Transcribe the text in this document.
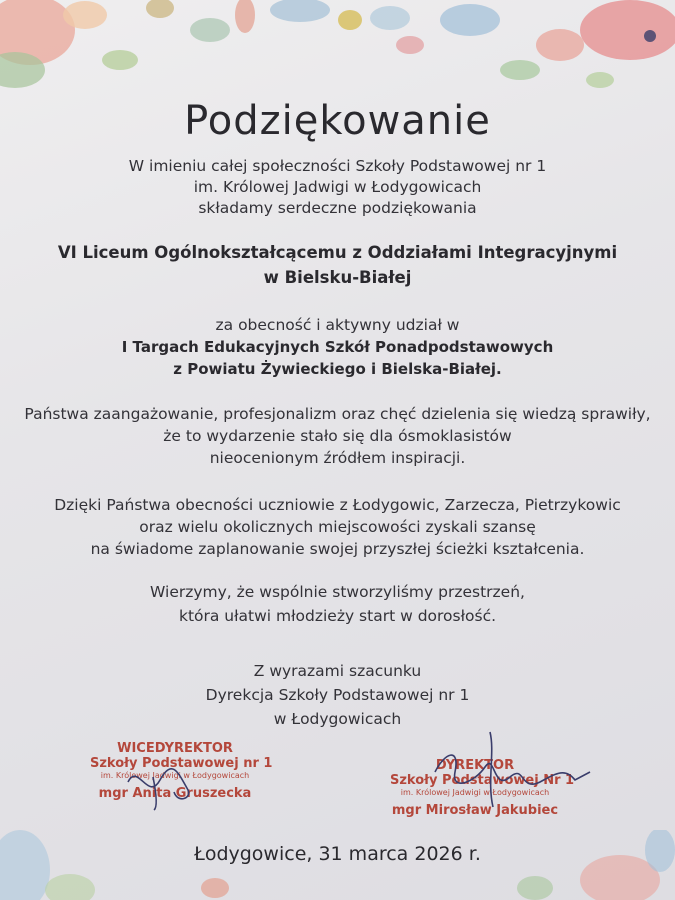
Podziękowanie
W imieniu całej społeczności Szkoły Podstawowej nr 1
im. Królowej Jadwigi w Łodygowicach
składamy serdeczne podziękowania
VI Liceum Ogólnokształcącemu z Oddziałami Integracyjnymi
w Bielsku-Białej
za obecność i aktywny udział w
I Targach Edukacyjnych Szkół Ponadpodstawowych
z Powiatu Żywieckiego i Bielska-Białej.
Państwa zaangażowanie, profesjonalizm oraz chęć dzielenia się wiedzą sprawiły,
że to wydarzenie stało się dla ósmoklasistów
nieocenionym źródłem inspiracji.
Dzięki Państwa obecności uczniowie z Łodygowic, Zarzecza, Pietrzykowic
oraz wielu okolicznych miejscowości zyskali szansę
na świadome zaplanowanie swojej przyszłej ścieżki kształcenia.
Wierzymy, że wspólnie stworzyliśmy przestrzeń,
która ułatwi młodzieży start w dorosłość.
Z wyrazami szacunku
Dyrekcja Szkoły Podstawowej nr 1
w Łodygowicach
WICEDYREKTOR
Szkoły Podstawowej nr 1
im. Królowej Jadwigi w Łodygowicach
mgr Anita Gruszecka
DYREKTOR
Szkoły Podstawowej Nr 1
im. Królowej Jadwigi w Łodygowicach
mgr Mirosław Jakubiec
Łodygowice, 31 marca 2026 r.
